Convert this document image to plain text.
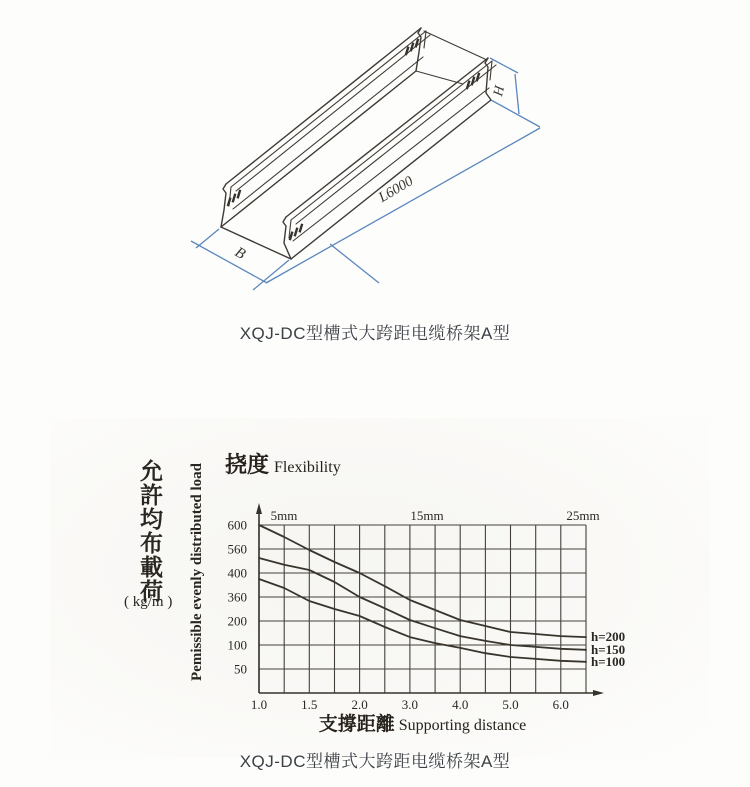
B
L6000
H
XQJ-DC型槽式大跨距电缆桥架A型
允許均布載荷
( kg/m ) Pemissible evenly distributed load 挠度 Flexibility
600
560
400
360
200
100
50
1.0	1.5	2.0	3.0	4.0	5.0	6.0
5mm	15mm	25mm
h=200
h=150
h=100
支撐距離 Supporting distance
XQJ-DC型槽式大跨距电缆桥架A型
